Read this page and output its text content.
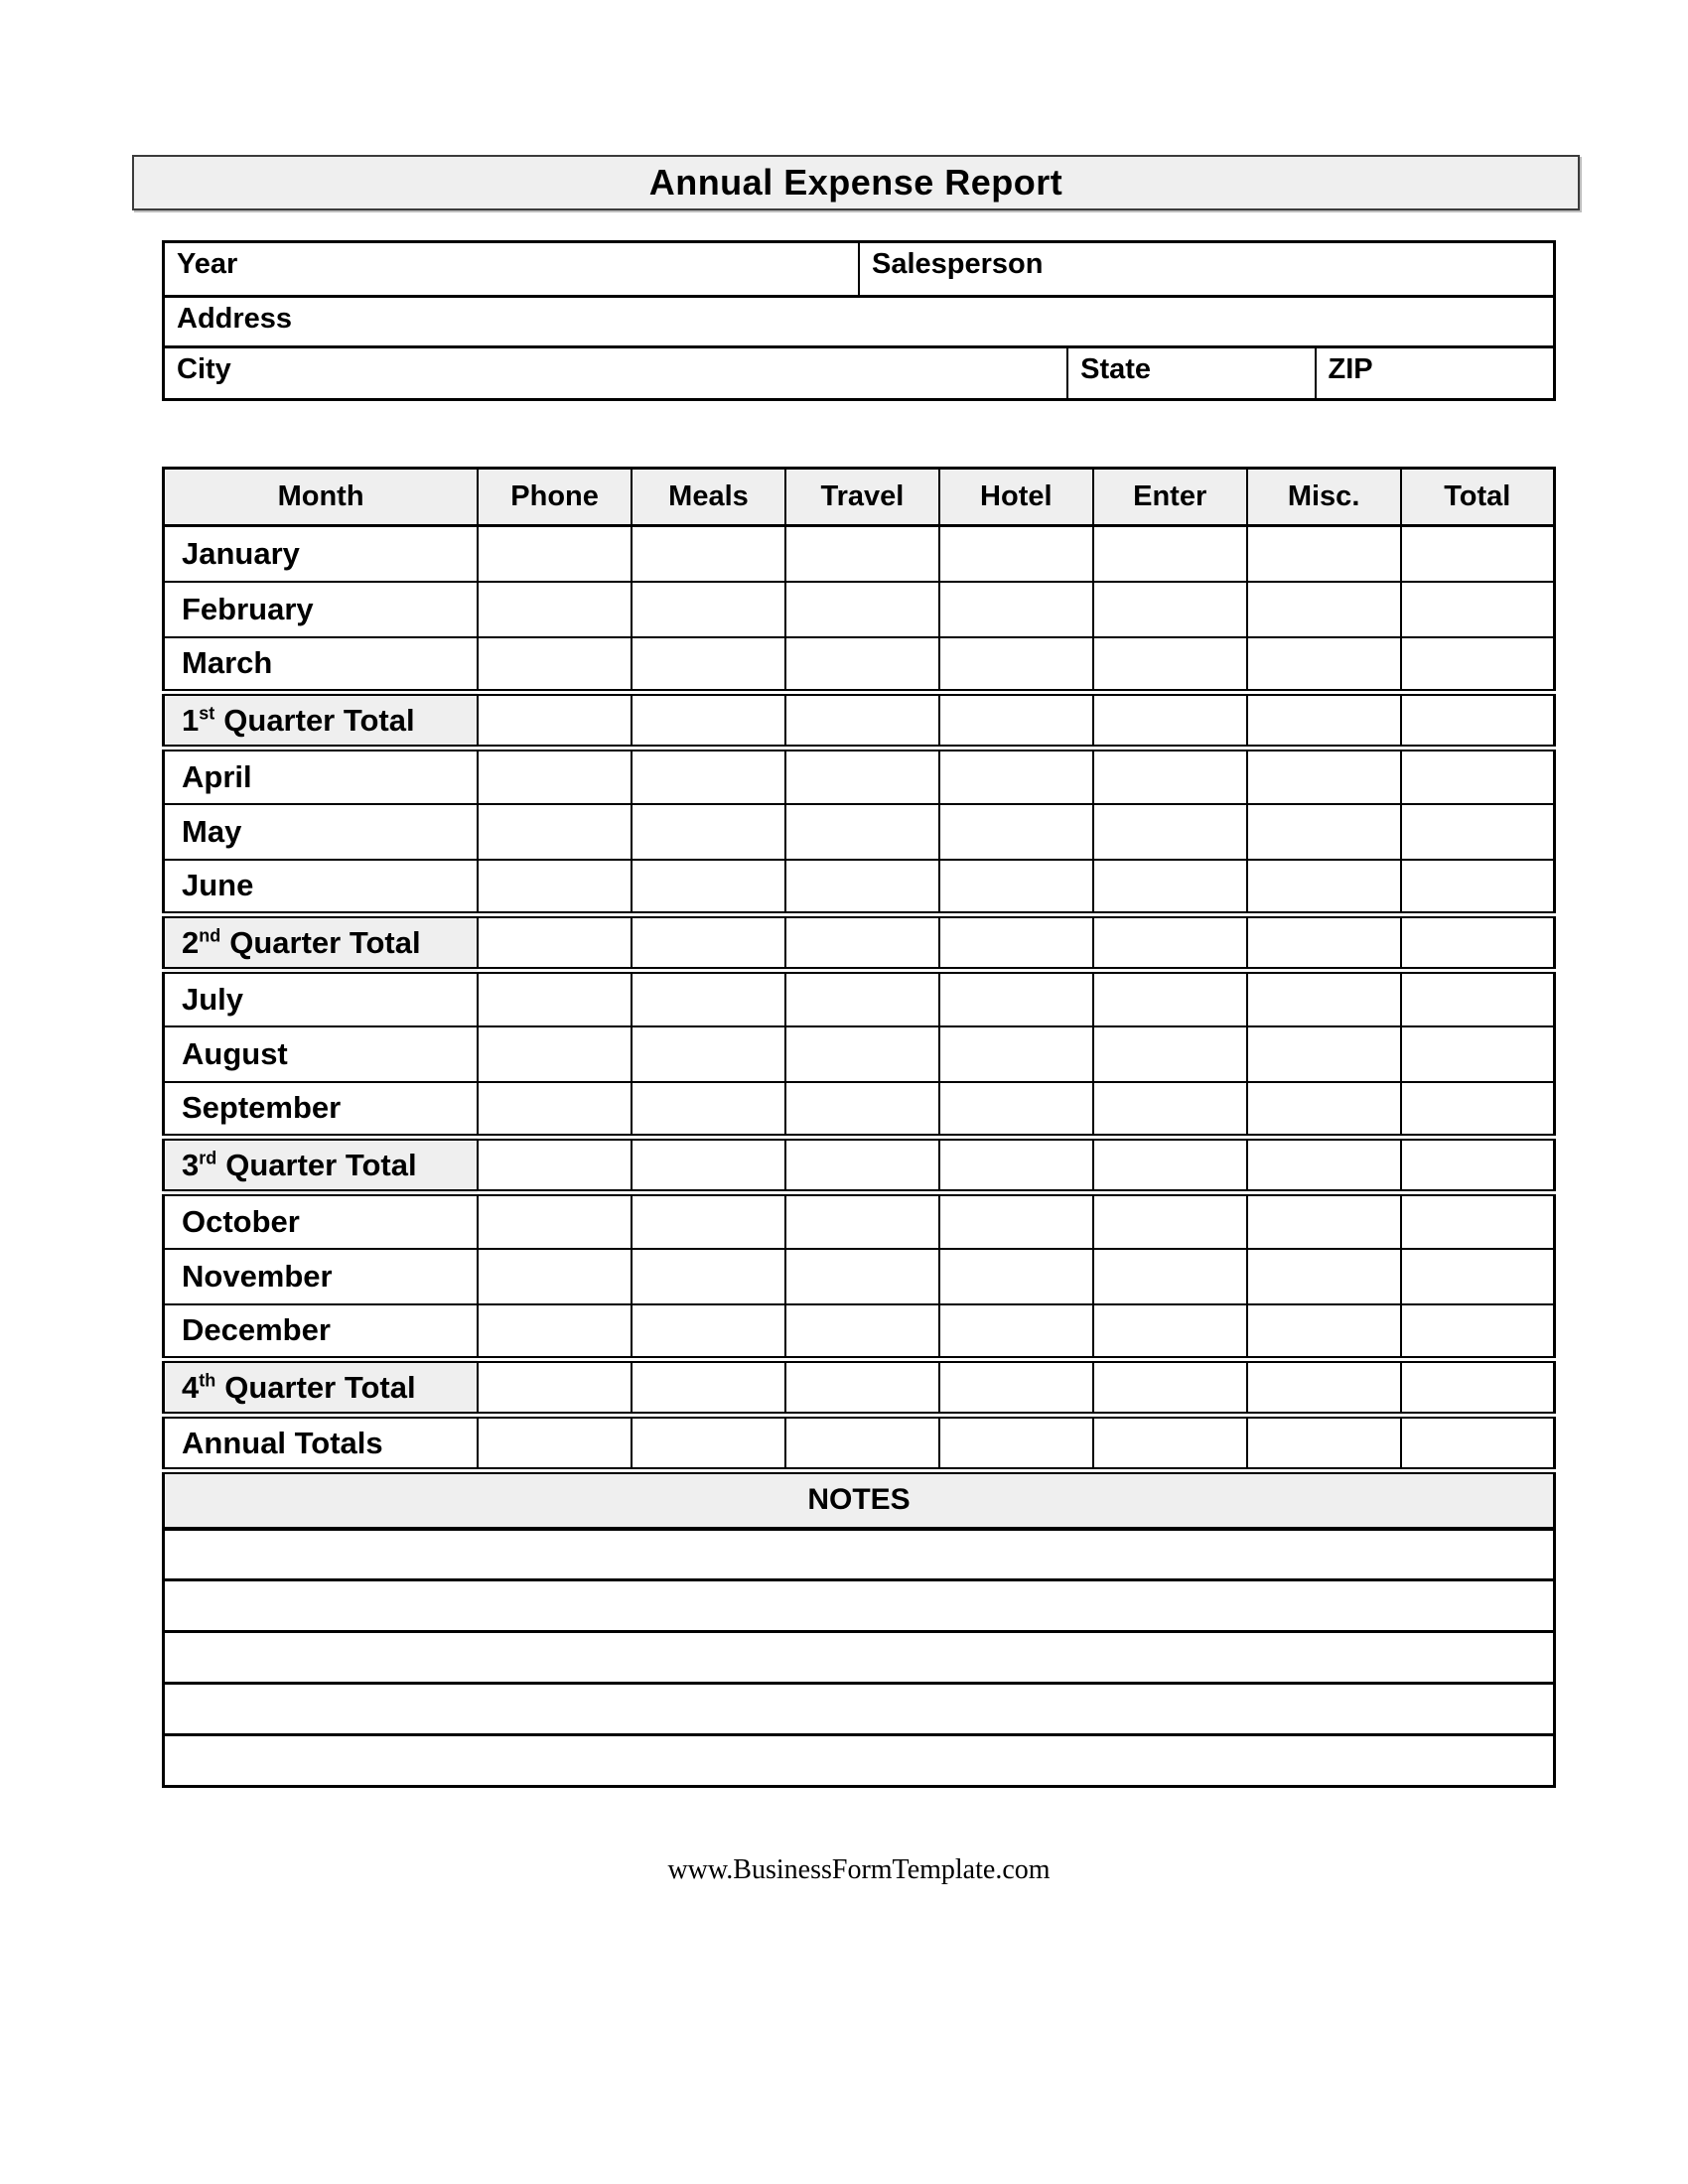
Annual Expense Report
Year	Salesperson		
Address			
City		State	ZIP
Month	Phone	Meals	Travel	Hotel	Enter	Misc.	Total
January							
February							
March							
1st Quarter Total							
April							
May							
June							
2nd Quarter Total							
July							
August							
September							
3rd Quarter Total							
October							
November							
December							
4th Quarter Total							
Annual Totals							
NOTES							

www.BusinessFormTemplate.com
